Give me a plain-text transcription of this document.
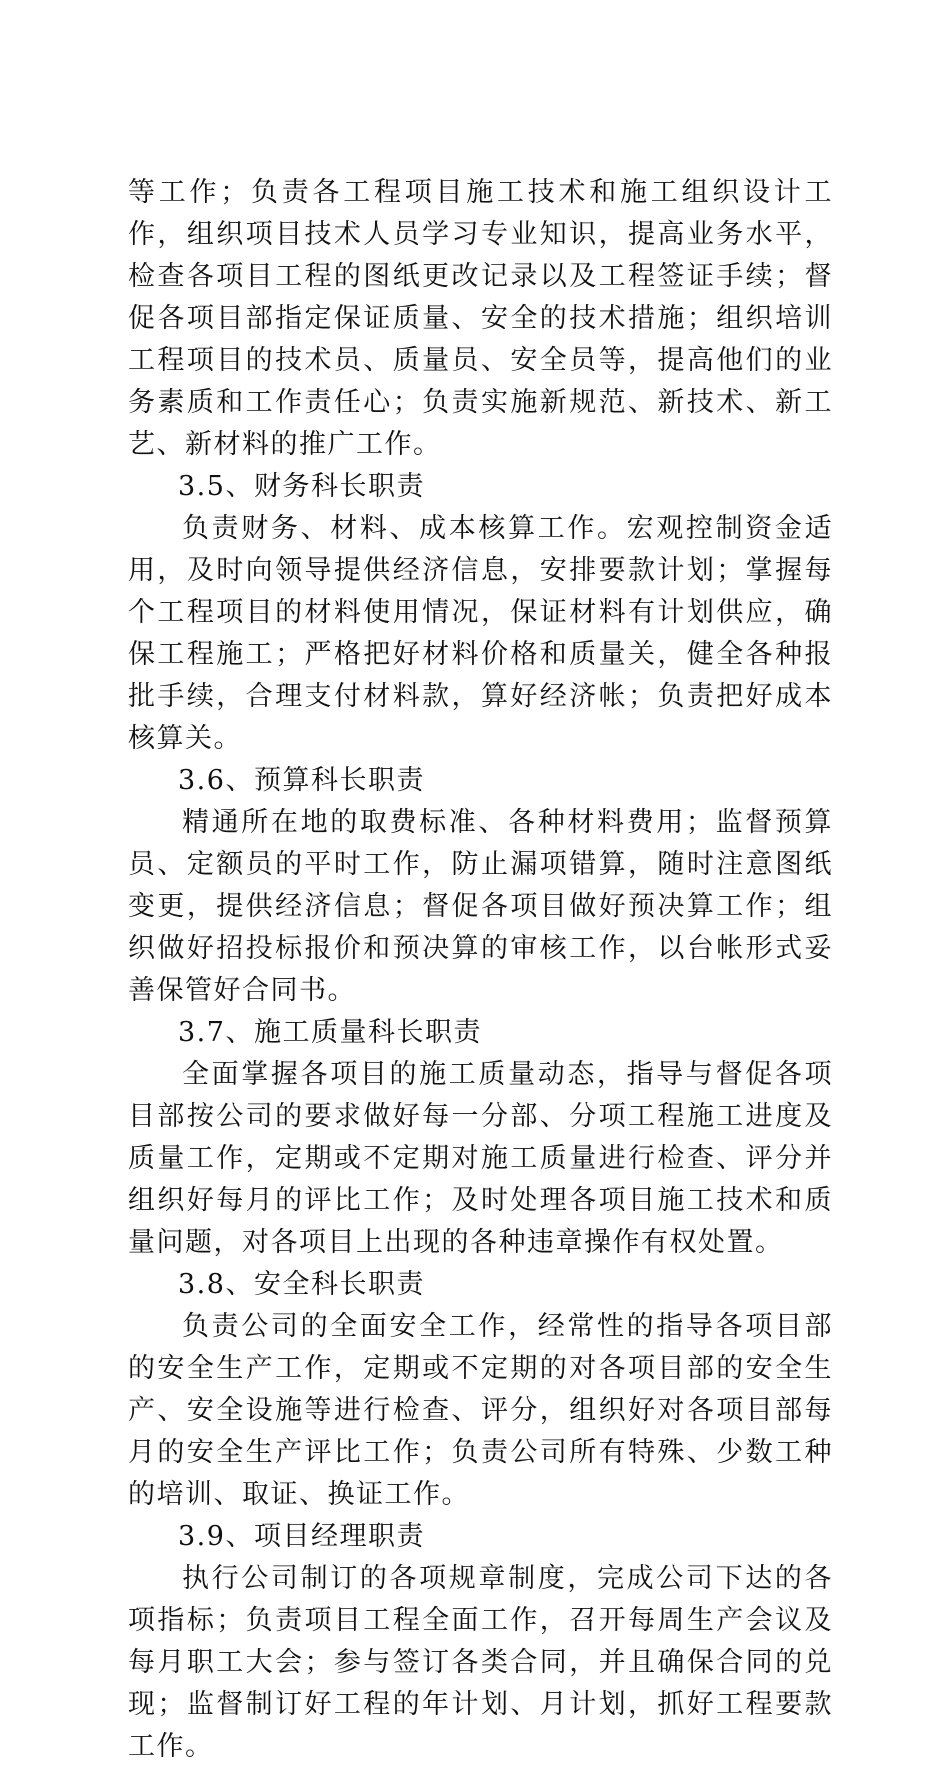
等工作；负责各工程项目施工技术和施工组织设计工作，组织项目技术人员学习专业知识，提高业务水平，检查各项目工程的图纸更改记录以及工程签证手续；督促各项目部指定保证质量、安全的技术措施；组织培训工程项目的技术员、质量员、安全员等，提高他们的业务素质和工作责任心；负责实施新规范、新技术、新工艺、新材料的推广工作。

3.5、财务科长职责

负责财务、材料、成本核算工作。宏观控制资金适用，及时向领导提供经济信息，安排要款计划；掌握每个工程项目的材料使用情况，保证材料有计划供应，确保工程施工；严格把好材料价格和质量关，健全各种报批手续，合理支付材料款，算好经济帐；负责把好成本核算关。

3.6、预算科长职责

精通所在地的取费标准、各种材料费用；监督预算员、定额员的平时工作，防止漏项错算，随时注意图纸变更，提供经济信息；督促各项目做好预决算工作；组织做好招投标报价和预决算的审核工作，以台帐形式妥善保管好合同书。

3.7、施工质量科长职责

全面掌握各项目的施工质量动态，指导与督促各项目部按公司的要求做好每一分部、分项工程施工进度及质量工作，定期或不定期对施工质量进行检查、评分并组织好每月的评比工作；及时处理各项目施工技术和质量问题，对各项目上出现的各种违章操作有权处置。

3.8、安全科长职责

负责公司的全面安全工作，经常性的指导各项目部的安全生产工作，定期或不定期的对各项目部的安全生产、安全设施等进行检查、评分，组织好对各项目部每月的安全生产评比工作；负责公司所有特殊、少数工种的培训、取证、换证工作。

3.9、项目经理职责

执行公司制订的各项规章制度，完成公司下达的各项指标；负责项目工程全面工作，召开每周生产会议及每月职工大会；参与签订各类合同，并且确保合同的兑现；监督制订好工程的年计划、月计划，抓好工程要款工作。
